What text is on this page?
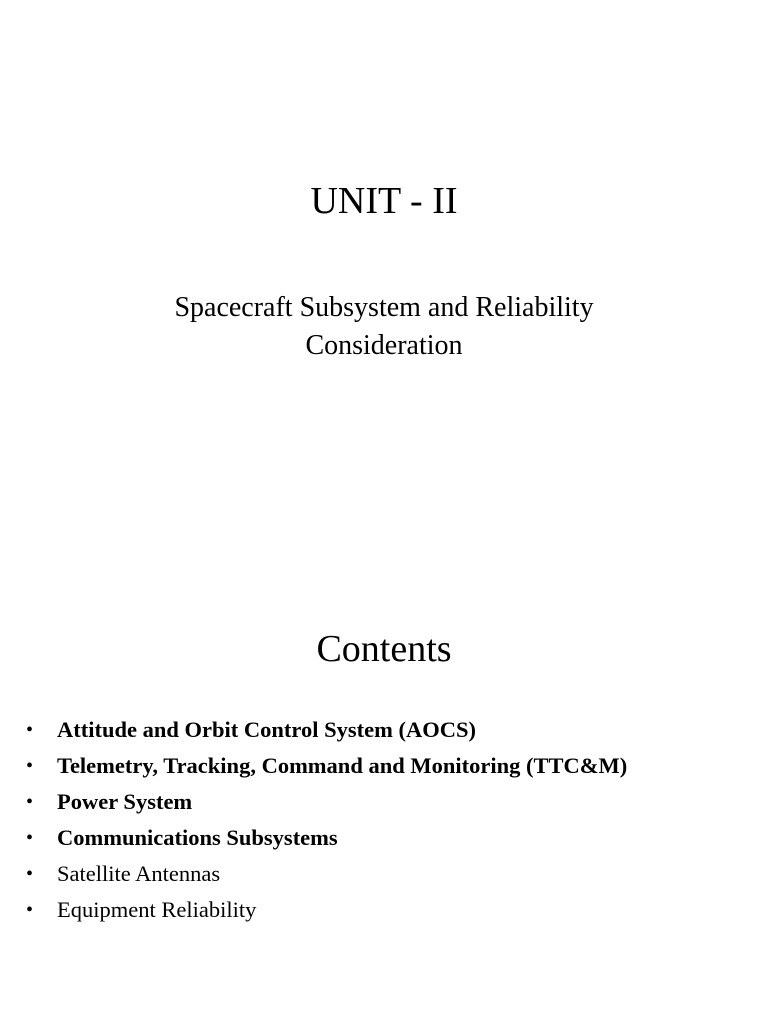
UNIT - II

Spacecraft Subsystem and Reliability
Consideration

Contents
• Attitude and Orbit Control System (AOCS)
• Telemetry, Tracking, Command and Monitoring (TTC&M)
• Power System
• Communications Subsystems
• Satellite Antennas
• Equipment Reliability
